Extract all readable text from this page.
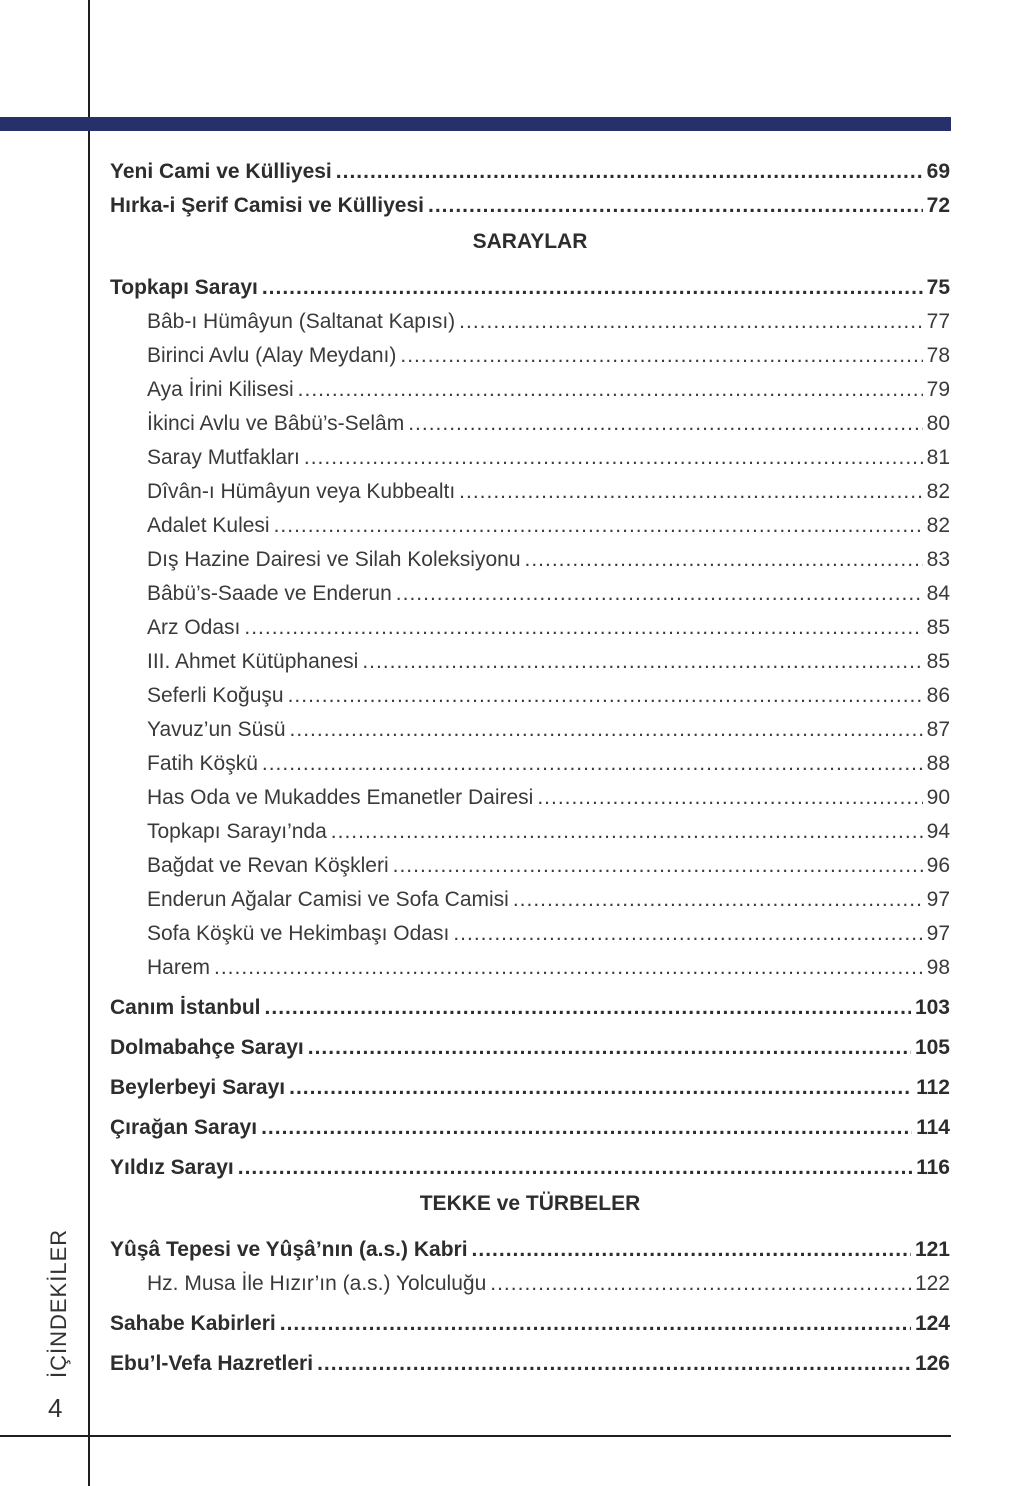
İÇİNDEKİLER
4
Yeni Cami ve Külliyesi .....	69
Hırka-i Şerif Camisi ve Külliyesi .....	72
SARAYLAR
Topkapı Sarayı .....	75
Bâb-ı Hümâyun (Saltanat Kapısı) .....	77
Birinci Avlu (Alay Meydanı) .....	78
Aya İrini Kilisesi .....	79
İkinci Avlu ve Bâbü’s-Selâm .....	80
Saray Mutfakları .....	81
Dîvân-ı Hümâyun veya Kubbealtı .....	82
Adalet Kulesi .....	82
Dış Hazine Dairesi ve Silah Koleksiyonu .....	83
Bâbü’s-Saade ve Enderun .....	84
Arz Odası .....	85
III. Ahmet Kütüphanesi .....	85
Seferli Koğuşu .....	86
Yavuz’un Süsü .....	87
Fatih Köşkü .....	88
Has Oda ve Mukaddes Emanetler Dairesi .....	90
Topkapı Sarayı’nda .....	94
Bağdat ve Revan Köşkleri .....	96
Enderun Ağalar Camisi ve Sofa Camisi .....	97
Sofa Köşkü ve Hekimbaşı Odası .....	97
Harem .....	98
Canım İstanbul .....	103
Dolmabahçe Sarayı .....	105
Beylerbeyi Sarayı .....	112
Çırağan Sarayı .....	114
Yıldız Sarayı .....	116
TEKKE ve TÜRBELER
Yûşâ Tepesi ve Yûşâ’nın (a.s.) Kabri .....	121
Hz. Musa İle Hızır’ın (a.s.) Yolculuğu .....	122
Sahabe Kabirleri .....	124
Ebu’l-Vefa Hazretleri .....	126
